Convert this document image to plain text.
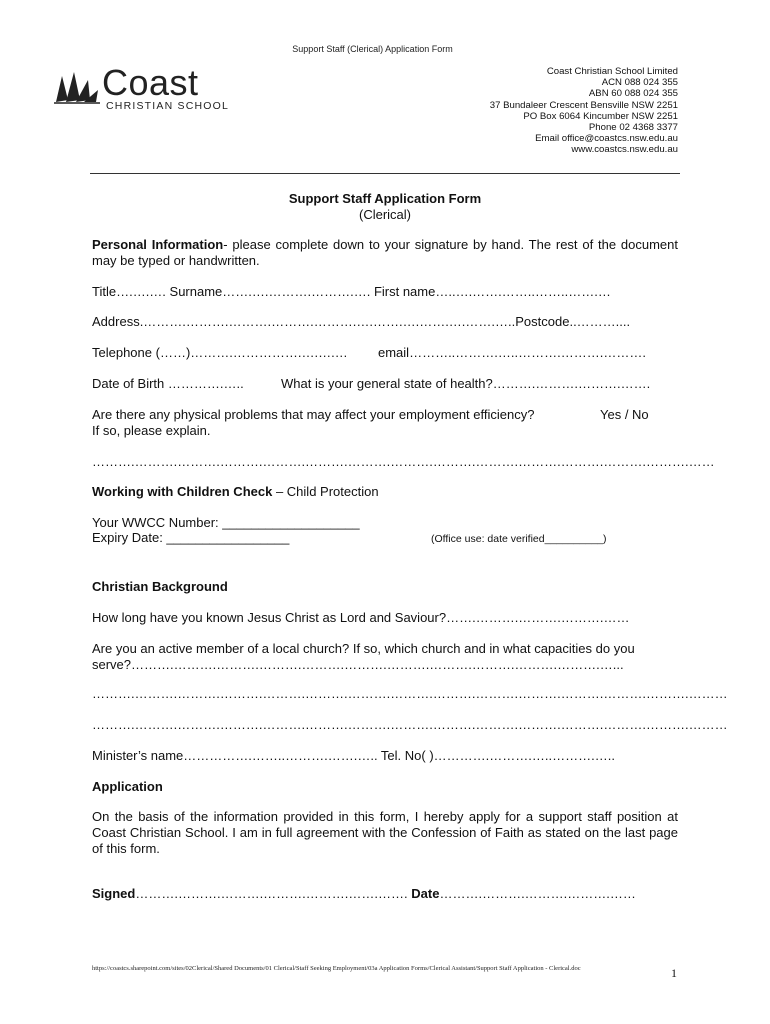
Support Staff (Clerical) Application Form
Coast
CHRISTIAN SCHOOL
Coast Christian School Limited
ACN 088 024 355
ABN 60 088 024 355
37 Bundaleer Crescent Bensville NSW 2251
PO Box 6064 Kincumber NSW 2251
Phone 02 4368 3377
Email office@coastcs.nsw.edu.au
www.coastcs.nsw.edu.au
Support Staff Application Form
(Clerical)
Personal Information- please complete down to your signature by hand. The rest of the document may be typed or handwritten.
Title….….…. Surname…….….……….……….…. First name…..….…….……..……..…….…
Address.……….……….……….……….……….….…….….…….….…….…..Postcode..………....
Telephone (……)……….…………….….….… email………..……….…..……….……….……….
Date of Birth ………….…..	What is your general state of health?……….……….……….…….
Are there any physical problems that may affect your employment efficiency?	Yes / No
If so, please explain.
……….……….……….……….……….……….……….……….……….……….……….……….……….……….……
Working with Children Check – Child Protection
Your WWCC Number: ___________________
Expiry Date: _________________	(Office use: date verified__________)
Christian Background
How long have you known Jesus Christ as Lord and Saviour?…….……….……….……….……
Are you an active member of a local church? If so, which church and in what capacities do you serve?……….……….……….……….……….……….……….……….……….……….……….…...
……….……….……….……….……….……….……….……….……….……….……….……….……….……….………
……….……….……….……….……….……….……….……….……….……….……….……….……….……….………
Minister’s name…………….……..……….…….….. Tel. No( )………….……….…..……….…..
Application
On the basis of the information provided in this form, I hereby apply for a support staff position at Coast Christian School. I am in full agreement with the Confession of Faith as stated on the last page of this form.
Signed……….……….……….……….……….…….……. Date……….……….……….……….……
https://coastcs.sharepoint.com/sites/02Clerical/Shared Documents/01 Clerical/Staff Seeking Employment/03a Application Forms/Clerical Assistant/Support Staff Application - Clerical.doc	1
